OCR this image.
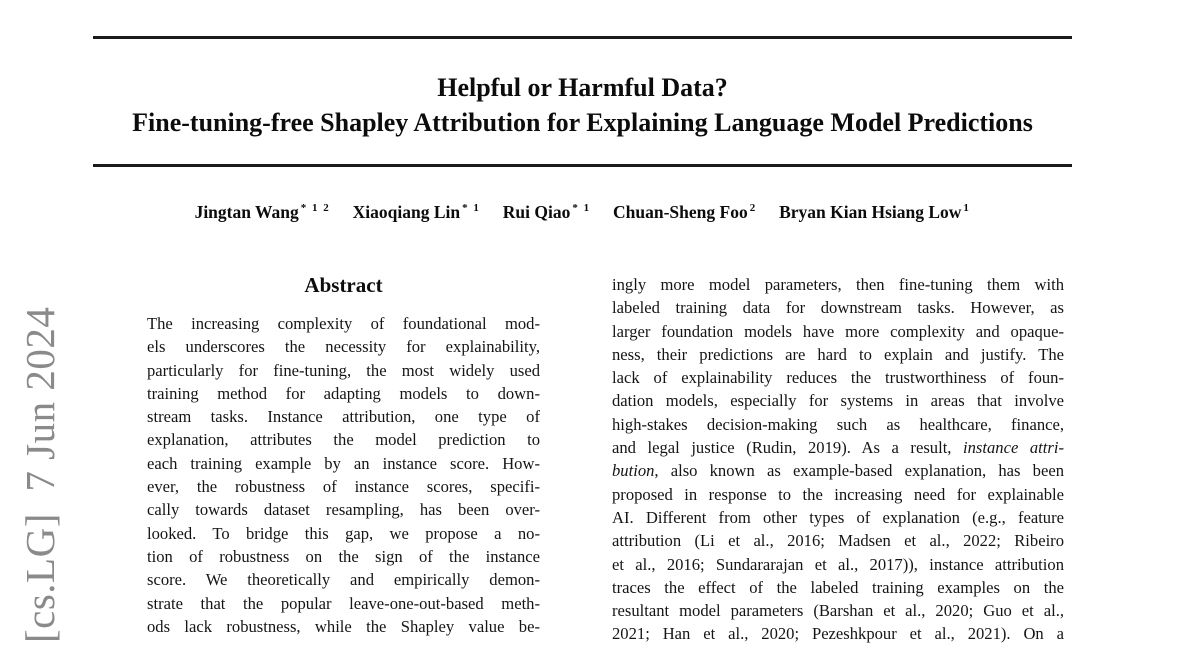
[cs.LG]  7 Jun 2024
Helpful or Harmful Data?
Fine-tuning-free Shapley Attribution for Explaining Language Model Predictions
Jingtan Wang $^{* 1 2}$ Xiaoqiang Lin $^{* 1}$ Rui Qiao $^{* 1}$ Chuan-Sheng Foo $^2$ Bryan Kian Hsiang Low $^1$
Abstract
The increasing complexity of foundational mod-
els underscores the necessity for explainability,
particularly for fine-tuning, the most widely used
training method for adapting models to down-
stream tasks. Instance attribution, one type of
explanation, attributes the model prediction to
each training example by an instance score. How-
ever, the robustness of instance scores, specifi-
cally towards dataset resampling, has been over-
looked. To bridge this gap, we propose a no-
tion of robustness on the sign of the instance
score. We theoretically and empirically demon-
strate that the popular leave-one-out-based meth-
ods lack robustness, while the Shapley value be-
ingly more model parameters, then fine-tuning them with
labeled training data for downstream tasks. However, as
larger foundation models have more complexity and opaque-
ness, their predictions are hard to explain and justify. The
lack of explainability reduces the trustworthiness of foun-
dation models, especially for systems in areas that involve
high-stakes decision-making such as healthcare, finance,
and legal justice (Rudin, 2019). As a result, instance attri-
bution, also known as example-based explanation, has been
proposed in response to the increasing need for explainable
AI. Different from other types of explanation (e.g., feature
attribution (Li et al., 2016; Madsen et al., 2022; Ribeiro
et al., 2016; Sundararajan et al., 2017)), instance attribution
traces the effect of the labeled training examples on the
resultant model parameters (Barshan et al., 2020; Guo et al.,
2021; Han et al., 2020; Pezeshkpour et al., 2021). On a
